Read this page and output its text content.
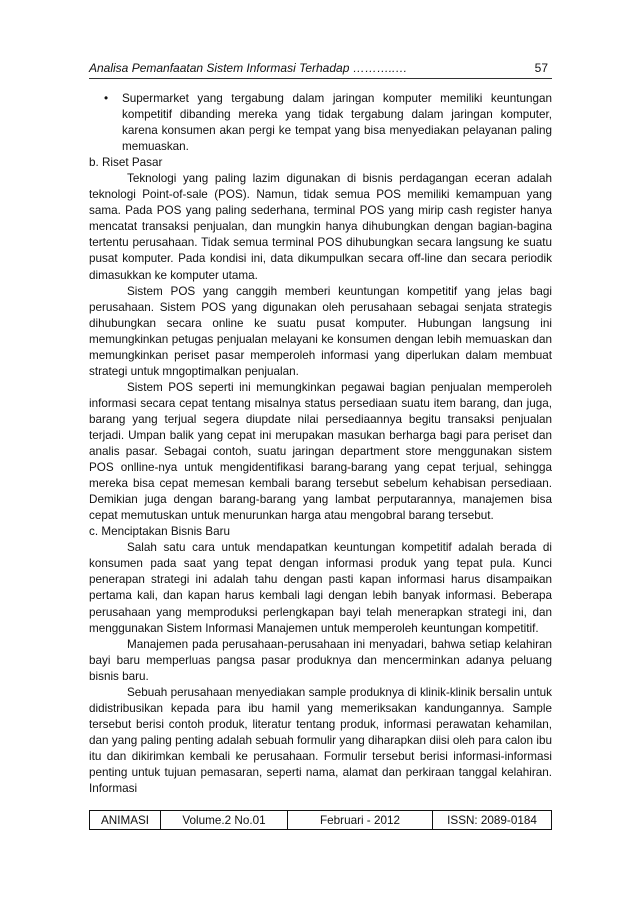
Analisa Pemanfaatan Sistem Informasi Terhadap ………..…	57
•	Supermarket yang tergabung dalam jaringan komputer memiliki keuntungan kompetitif dibanding mereka yang tidak tergabung dalam jaringan komputer, karena konsumen akan pergi ke tempat yang bisa menyediakan pelayanan paling memuaskan.

b. Riset Pasar

Teknologi yang paling lazim digunakan di bisnis perdagangan eceran adalah teknologi Point-of-sale (POS). Namun, tidak semua POS memiliki kemampuan yang sama. Pada POS yang paling sederhana, terminal POS yang mirip cash register hanya mencatat transaksi penjualan, dan mungkin hanya dihubungkan dengan bagian-bagina tertentu perusahaan. Tidak semua terminal POS dihubungkan secara langsung ke suatu pusat komputer. Pada kondisi ini, data dikumpulkan secara off-line dan secara periodik dimasukkan ke komputer utama.

Sistem POS yang canggih memberi keuntungan kompetitif yang jelas bagi perusahaan. Sistem POS yang digunakan oleh perusahaan sebagai senjata strategis dihubungkan secara online ke suatu pusat komputer. Hubungan langsung ini memungkinkan petugas penjualan melayani ke konsumen dengan lebih memuaskan dan memungkinkan periset pasar memperoleh informasi yang diperlukan dalam membuat strategi untuk mngoptimalkan penjualan.

Sistem POS seperti ini memungkinkan pegawai bagian penjualan memperoleh informasi secara cepat tentang misalnya status persediaan suatu item barang, dan juga, barang yang terjual segera diupdate nilai persediaannya begitu transaksi penjualan terjadi. Umpan balik yang cepat ini merupakan masukan berharga bagi para periset dan analis pasar. Sebagai contoh, suatu jaringan department store menggunakan sistem POS onlline-nya untuk mengidentifikasi barang-barang yang cepat terjual, sehingga mereka bisa cepat memesan kembali barang tersebut sebelum kehabisan persediaan. Demikian juga dengan barang-barang yang lambat perputarannya, manajemen bisa cepat memutuskan untuk menurunkan harga atau mengobral barang tersebut.

c. Menciptakan Bisnis Baru

Salah satu cara untuk mendapatkan keuntungan kompetitif adalah berada di konsumen pada saat yang tepat dengan informasi produk yang tepat pula. Kunci penerapan strategi ini adalah tahu dengan pasti kapan informasi harus disampaikan pertama kali, dan kapan harus kembali lagi dengan lebih banyak informasi. Beberapa perusahaan yang memproduksi perlengkapan bayi telah menerapkan strategi ini, dan menggunakan Sistem Informasi Manajemen untuk memperoleh keuntungan kompetitif.

Manajemen pada perusahaan-perusahaan ini menyadari, bahwa setiap kelahiran bayi baru memperluas pangsa pasar produknya dan mencerminkan adanya peluang bisnis baru.

Sebuah perusahaan menyediakan sample produknya di klinik-klinik bersalin untuk didistribusikan kepada para ibu hamil yang memeriksakan kandungannya. Sample tersebut berisi contoh produk, literatur tentang produk, informasi perawatan kehamilan, dan yang paling penting adalah sebuah formulir yang diharapkan diisi oleh para calon ibu itu dan dikirimkan kembali ke perusahaan. Formulir tersebut berisi informasi-informasi penting untuk tujuan pemasaran, seperti nama, alamat dan perkiraan tanggal kelahiran. Informasi

ANIMASI	Volume.2 No.01	Februari - 2012	ISSN: 2089-0184
